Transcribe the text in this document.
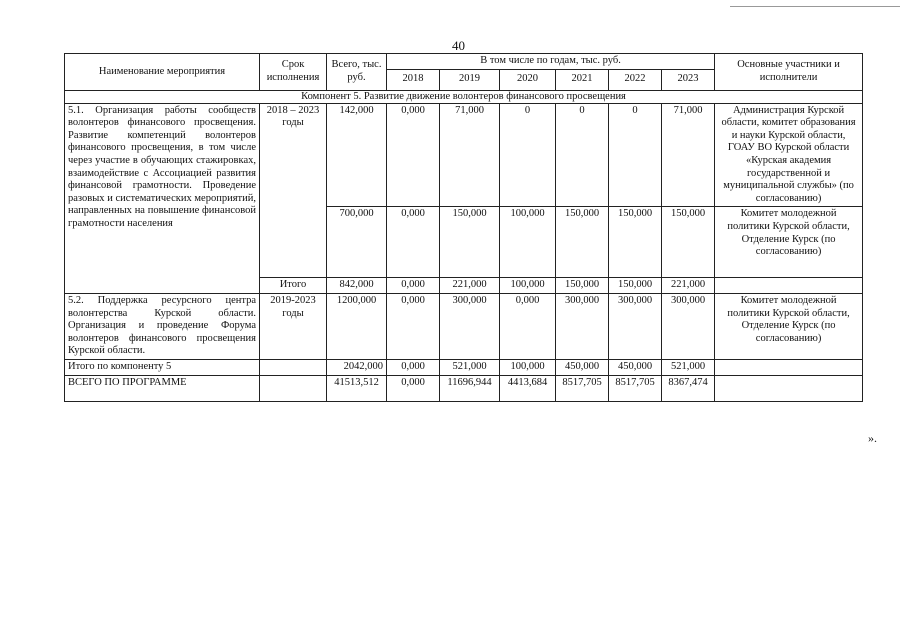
40
Наименование мероприятия	Срок исполнения	Всего, тыс. руб.	В том числе по годам, тыс. руб.						Основные участники и исполнители
			2018	2019	2020	2021	2022	2023	
Компонент 5. Развитие движение волонтеров финансового просвещения									
5.1. Организация работы сообществ волонтеров финансового просвещения. Развитие компетенций волонтеров финансового просвещения, в том числе через участие в обучающих стажировках, взаимодействие с Ассоциацией развития финансовой грамотности. Проведение разовых и систематических мероприятий, направленных на повышение финансовой грамотности населения	2018 – 2023 годы	142,000	0,000	71,000	0	0	0	71,000	Администрация Курской области, комитет образования и науки Курской области, ГОАУ ВО Курской области «Курская академия государственной и муниципальной службы» (по согласованию)
		700,000	0,000	150,000	100,000	150,000	150,000	150,000	Комитет молодежной политики Курской области, Отделение Курск (по согласованию)
	Итого	842,000	0,000	221,000	100,000	150,000	150,000	221,000	
5.2. Поддержка ресурсного центра волонтерства Курской области. Организация и проведение Форума волонтеров финансового просвещения Курской области.	2019-2023 годы	1200,000	0,000	300,000	0,000	300,000	300,000	300,000	Комитет молодежной политики Курской области, Отделение Курск (по согласованию)
Итого по компоненту 5		2042,000	0,000	521,000	100,000	450,000	450,000	521,000	
ВСЕГО ПО ПРОГРАММЕ		41513,512	0,000	11696,944	4413,684	8517,705	8517,705	8367,474	
».
